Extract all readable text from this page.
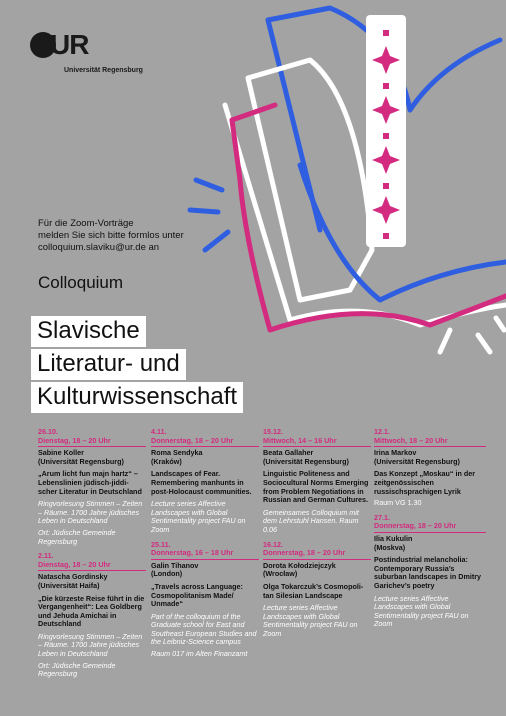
UR
Universität Regensburg
Für die Zoom-Vorträge
melden Sie sich bitte formlos unter
colloquium.slaviku@ur.de an
Colloquium
Slavische
Literatur- und
Kulturwissenschaft
26.10.
Dienstag, 18 – 20 Uhr
Sabine Koller
(Universität Regensburg)
„Arum licht fun majn hartz“ – Lebenslinien jüdisch-jiddi-scher Literatur in Deutschland
Ringvorlesung Stimmen – Zeiten – Räume. 1700 Jahre jüdisches Leben in Deutschland
Ort: Jüdische Gemeinde Regensburg
2.11.
Dienstag, 18 – 20 Uhr
Natascha Gordinsky
(Universität Haifa)
„Die kürzeste Reise führt in die Vergangenheit“: Lea Goldberg und Jehuda Amichai in Deutschland
Ringvorlesung Stimmen – Zeiten – Räume. 1700 Jahre jüdisches Leben in Deutschland
Ort: Jüdische Gemeinde Regensburg
4.11.
Donnerstag, 18 – 20 Uhr
Roma Sendyka
(Kraków)
Landscapes of Fear. Remembering manhunts in post-Holocaust communities.
Lecture series Affective Landscapes with Global Sentimentality project FAU on Zoom
25.11.
Donnerstag, 16 – 18 Uhr
Galin Tihanov
(London)
„Travels across Language: Cosmopolitanism Made/ Unmade“
Part of the colloquium of the Graduate school for East and Southeast European Studies and the Leibniz-Science campus
Raum 017 im Alten Finanzamt
15.12.
Mittwoch, 14 – 16 Uhr
Beata Gallaher
(Universität Regensburg)
Linguistic Politeness and Sociocultural Norms Emerging from Problem Negotiations in Russian and German Cultures.
Gemeinsames Colloquium mit dem Lehrstuhl Hansen. Raum 0.06
16.12.
Donnerstag, 18 – 20 Uhr
Dorota Kołodziejczyk
(Wrocław)
Olga Tokarczuk’s Cosmopoli-tan Silesian Landscape
Lecture series Affective Landscapes with Global Sentimentality project FAU on Zoom
12.1.
Mittwoch, 18 – 20 Uhr
Irina Markov
(Universität Regensburg)
Das Konzept „Moskau“ in der zeitgenössischen russischsprachigen Lyrik
Raum VG 1.30
27.1.
Donnerstag, 18 – 20 Uhr
Ilia Kukulin
(Moskva)
Postindustrial melancholia: Contemporary Russia’s suburban landscapes in Dmitry Garichev’s poetry
Lecture series Affective Landscapes with Global Sentimentality project FAU on Zoom
